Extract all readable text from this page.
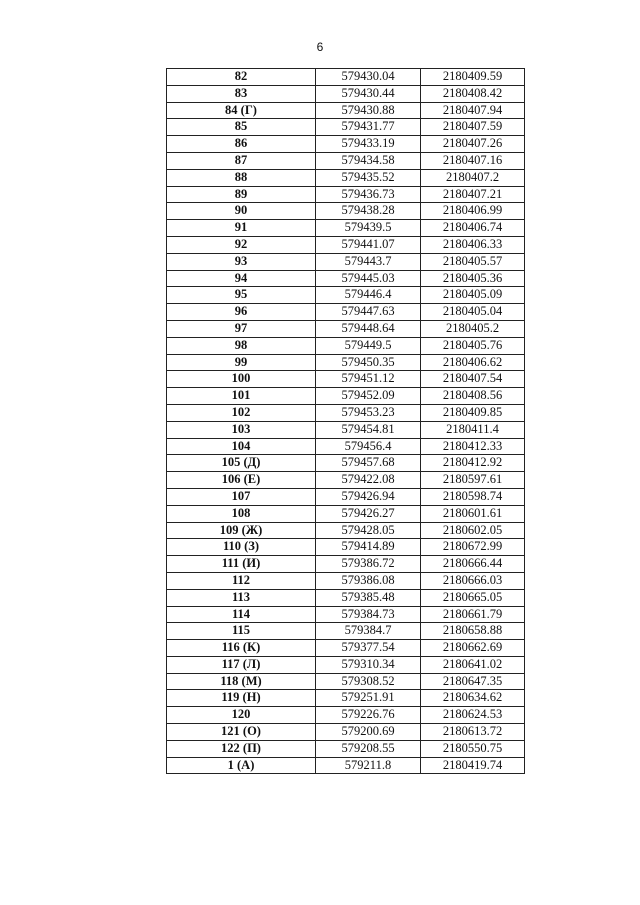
6
82	579430.04	2180409.59
83	579430.44	2180408.42
84 (Г)	579430.88	2180407.94
85	579431.77	2180407.59
86	579433.19	2180407.26
87	579434.58	2180407.16
88	579435.52	2180407.2
89	579436.73	2180407.21
90	579438.28	2180406.99
91	579439.5	2180406.74
92	579441.07	2180406.33
93	579443.7	2180405.57
94	579445.03	2180405.36
95	579446.4	2180405.09
96	579447.63	2180405.04
97	579448.64	2180405.2
98	579449.5	2180405.76
99	579450.35	2180406.62
100	579451.12	2180407.54
101	579452.09	2180408.56
102	579453.23	2180409.85
103	579454.81	2180411.4
104	579456.4	2180412.33
105 (Д)	579457.68	2180412.92
106 (Е)	579422.08	2180597.61
107	579426.94	2180598.74
108	579426.27	2180601.61
109 (Ж)	579428.05	2180602.05
110 (З)	579414.89	2180672.99
111 (И)	579386.72	2180666.44
112	579386.08	2180666.03
113	579385.48	2180665.05
114	579384.73	2180661.79
115	579384.7	2180658.88
116 (К)	579377.54	2180662.69
117 (Л)	579310.34	2180641.02
118 (М)	579308.52	2180647.35
119 (Н)	579251.91	2180634.62
120	579226.76	2180624.53
121 (О)	579200.69	2180613.72
122 (П)	579208.55	2180550.75
1 (А)	579211.8	2180419.74
